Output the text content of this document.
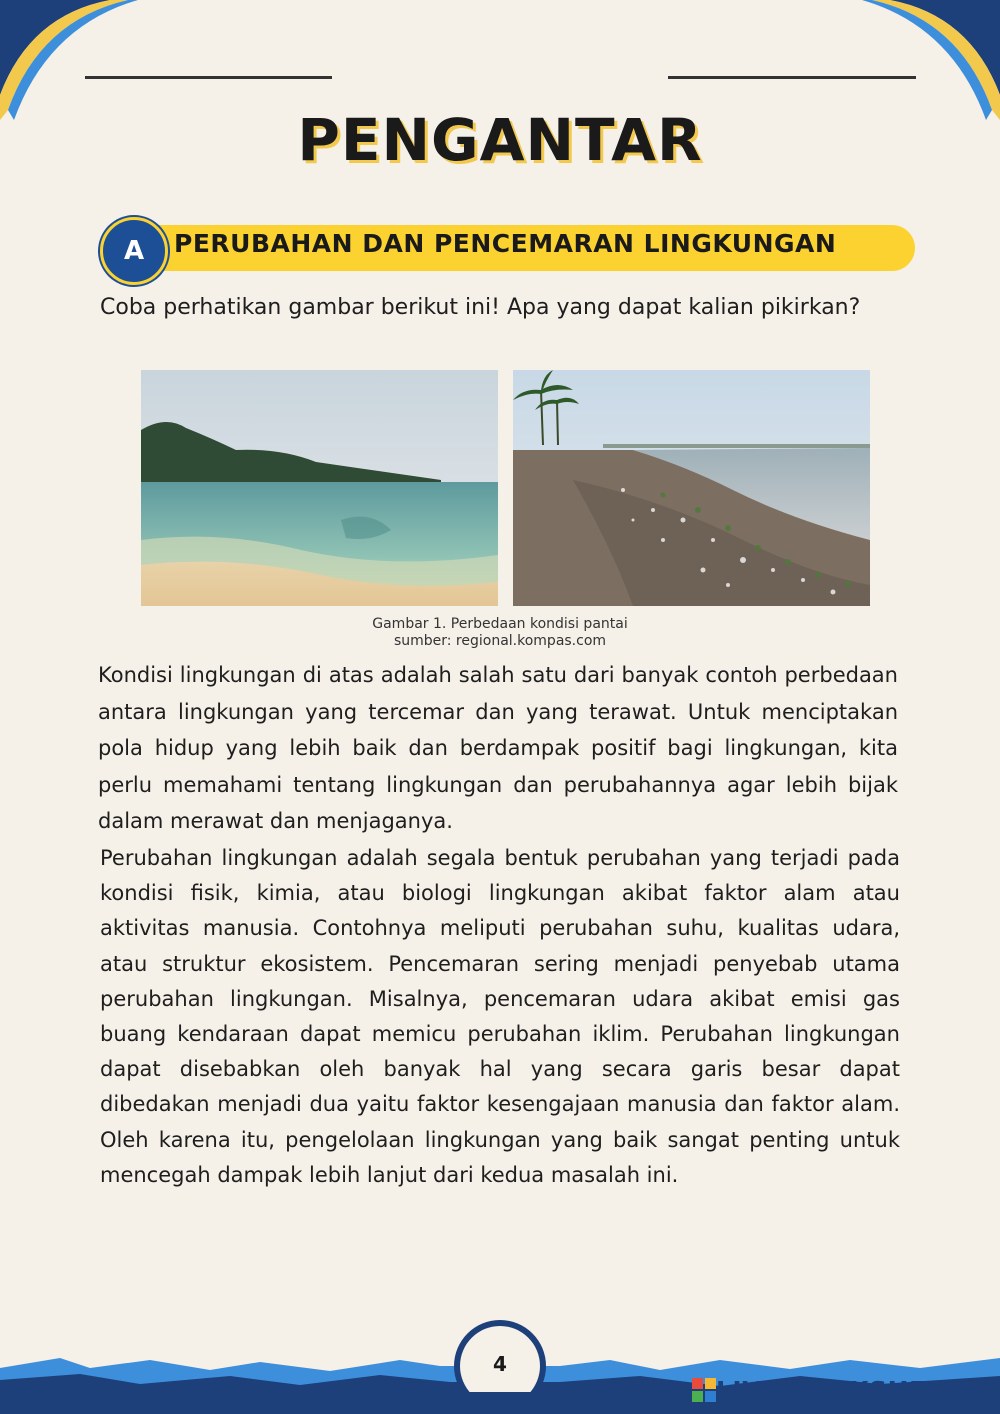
PENGANTAR
A	PERUBAHAN DAN PENCEMARAN LINGKUNGAN
Coba perhatikan gambar berikut ini! Apa yang dapat kalian pikirkan?
Gambar 1. Perbedaan kondisi pantai
sumber: regional.kompas.com
Kondisi lingkungan di atas adalah salah satu dari banyak contoh perbedaan antara lingkungan yang tercemar dan yang terawat. Untuk menciptakan pola hidup yang lebih baik dan berdampak positif bagi lingkungan, kita perlu memahami tentang lingkungan dan perubahannya agar lebih bijak dalam merawat dan menjaganya.
Perubahan lingkungan adalah segala bentuk perubahan yang terjadi pada kondisi fisik, kimia, atau biologi lingkungan akibat faktor alam atau aktivitas manusia. Contohnya meliputi perubahan suhu, kualitas udara, atau struktur ekosistem. Pencemaran sering menjadi penyebab utama perubahan lingkungan. Misalnya, pencemaran udara akibat emisi gas buang kendaraan dapat memicu perubahan iklim. Perubahan lingkungan dapat disebabkan oleh banyak hal yang secara garis besar dapat dibedakan menjadi dua yaitu faktor kesengajaan manusia dan faktor alam. Oleh karena itu, pengelolaan lingkungan yang baik sangat penting untuk mencegah dampak lebih lanjut dari kedua masalah ini.
4
LIVEWORKSHEETS
